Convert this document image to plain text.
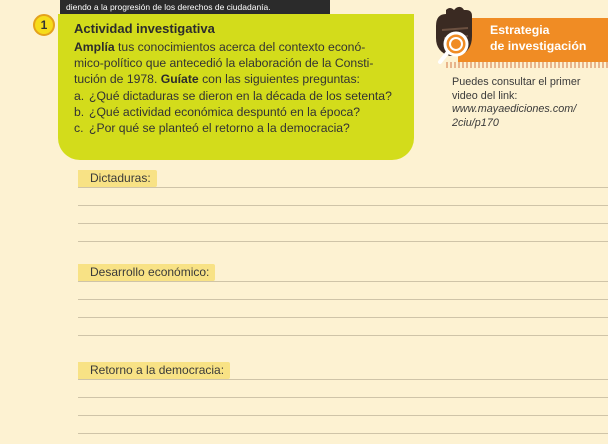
diendo a la progresión de los derechos de ciudadanía.
1	Actividad investigativa

Amplía tus conocimientos acerca del contexto econó-
mico-político que antecedió la elaboración de la Consti-
tución de 1978. Guíate con las siguientes preguntas:

a. ¿Qué dictaduras se dieron en la década de los setenta?
b. ¿Qué actividad económica despuntó en la época?
c. ¿Por qué se planteó el retorno a la democracia?
Estrategia
de investigación
Puedes consultar el primer
video del link:
www.mayaediciones.com/
2ciu/p170
Dictaduras:
Desarrollo económico:
Retorno a la democracia:
